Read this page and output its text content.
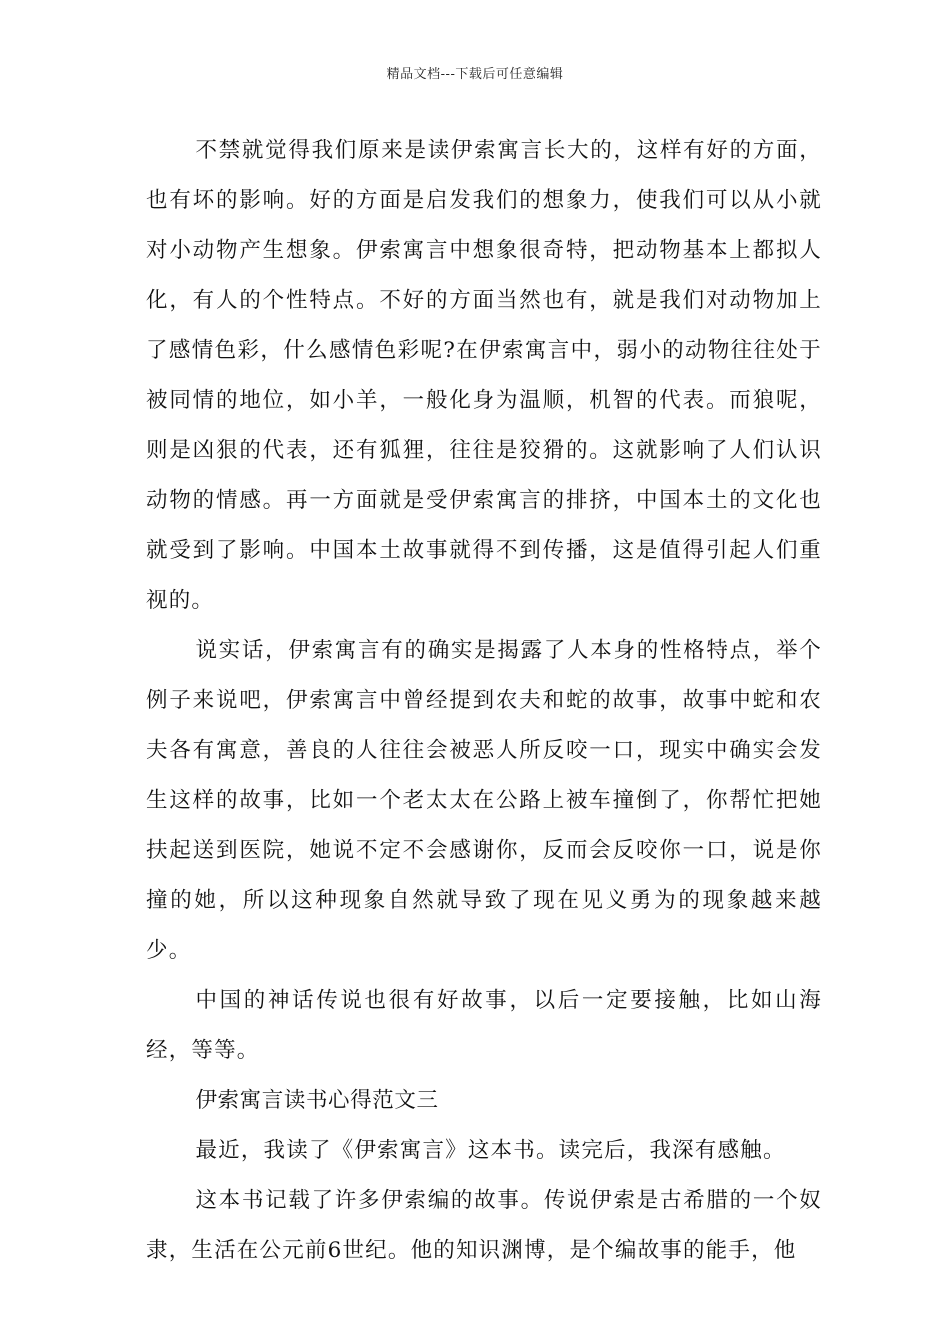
精品文档---下载后可任意编辑

不禁就觉得我们原来是读伊索寓言长大的，这样有好的方面，也有坏的影响。好的方面是启发我们的想象力，使我们可以从小就对小动物产生想象。伊索寓言中想象很奇特，把动物基本上都拟人化，有人的个性特点。不好的方面当然也有，就是我们对动物加上了感情色彩，什么感情色彩呢?在伊索寓言中，弱小的动物往往处于被同情的地位，如小羊，一般化身为温顺，机智的代表。而狼呢，则是凶狠的代表，还有狐狸，往往是狡猾的。这就影响了人们认识动物的情感。再一方面就是受伊索寓言的排挤，中国本土的文化也就受到了影响。中国本土故事就得不到传播，这是值得引起人们重视的。

说实话，伊索寓言有的确实是揭露了人本身的性格特点，举个例子来说吧，伊索寓言中曾经提到农夫和蛇的故事，故事中蛇和农夫各有寓意，善良的人往往会被恶人所反咬一口，现实中确实会发生这样的故事，比如一个老太太在公路上被车撞倒了，你帮忙把她扶起送到医院，她说不定不会感谢你，反而会反咬你一口，说是你撞的她，所以这种现象自然就导致了现在见义勇为的现象越来越少。

中国的神话传说也很有好故事，以后一定要接触，比如山海经，等等。

伊索寓言读书心得范文三

最近，我读了《伊索寓言》这本书。读完后，我深有感触。

这本书记载了许多伊索编的故事。传说伊索是古希腊的一个奴隶，生活在公元前6世纪。他的知识渊博，是个编故事的能手，他
